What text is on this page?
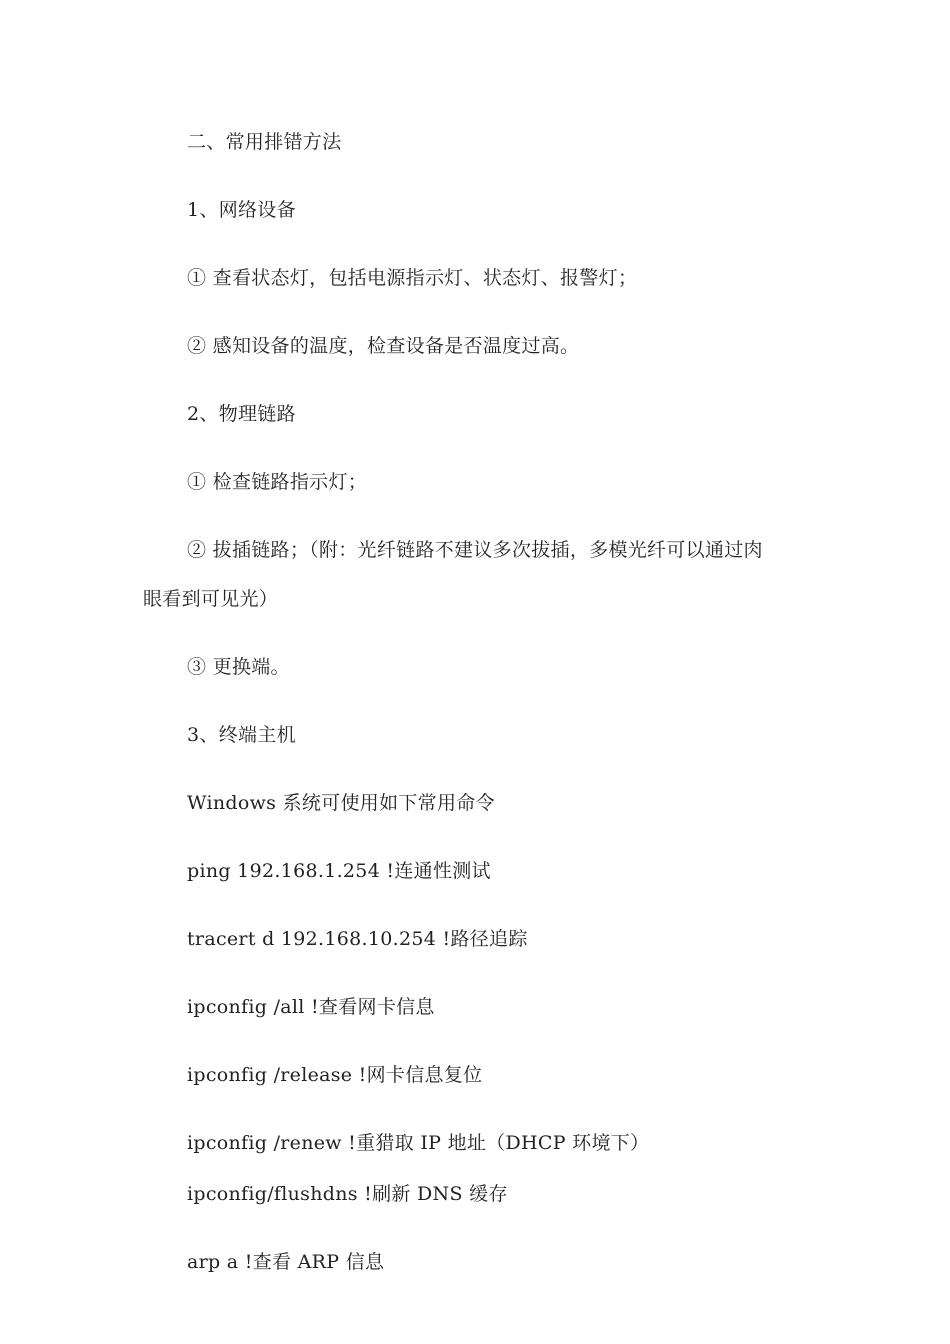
二、常用排错方法
1、网络设备
① 查看状态灯，包括电源指示灯、状态灯、报警灯；
② 感知设备的温度，检查设备是否温度过高。
2、物理链路
① 检查链路指示灯；
② 拔插链路；（附：光纤链路不建议多次拔插，多模光纤可以通过肉
眼看到可见光）
③ 更换端。
3、终端主机
Windows 系统可使用如下常用命令
ping 192.168.1.254 !连通性测试
tracert d 192.168.10.254 !路径追踪
ipconfig /all !查看网卡信息
ipconfig /release !网卡信息复位
ipconfig /renew !重猎取 IP 地址（DHCP 环境下）
ipconfig/flushdns !刷新 DNS 缓存
arp a !查看 ARP 信息
